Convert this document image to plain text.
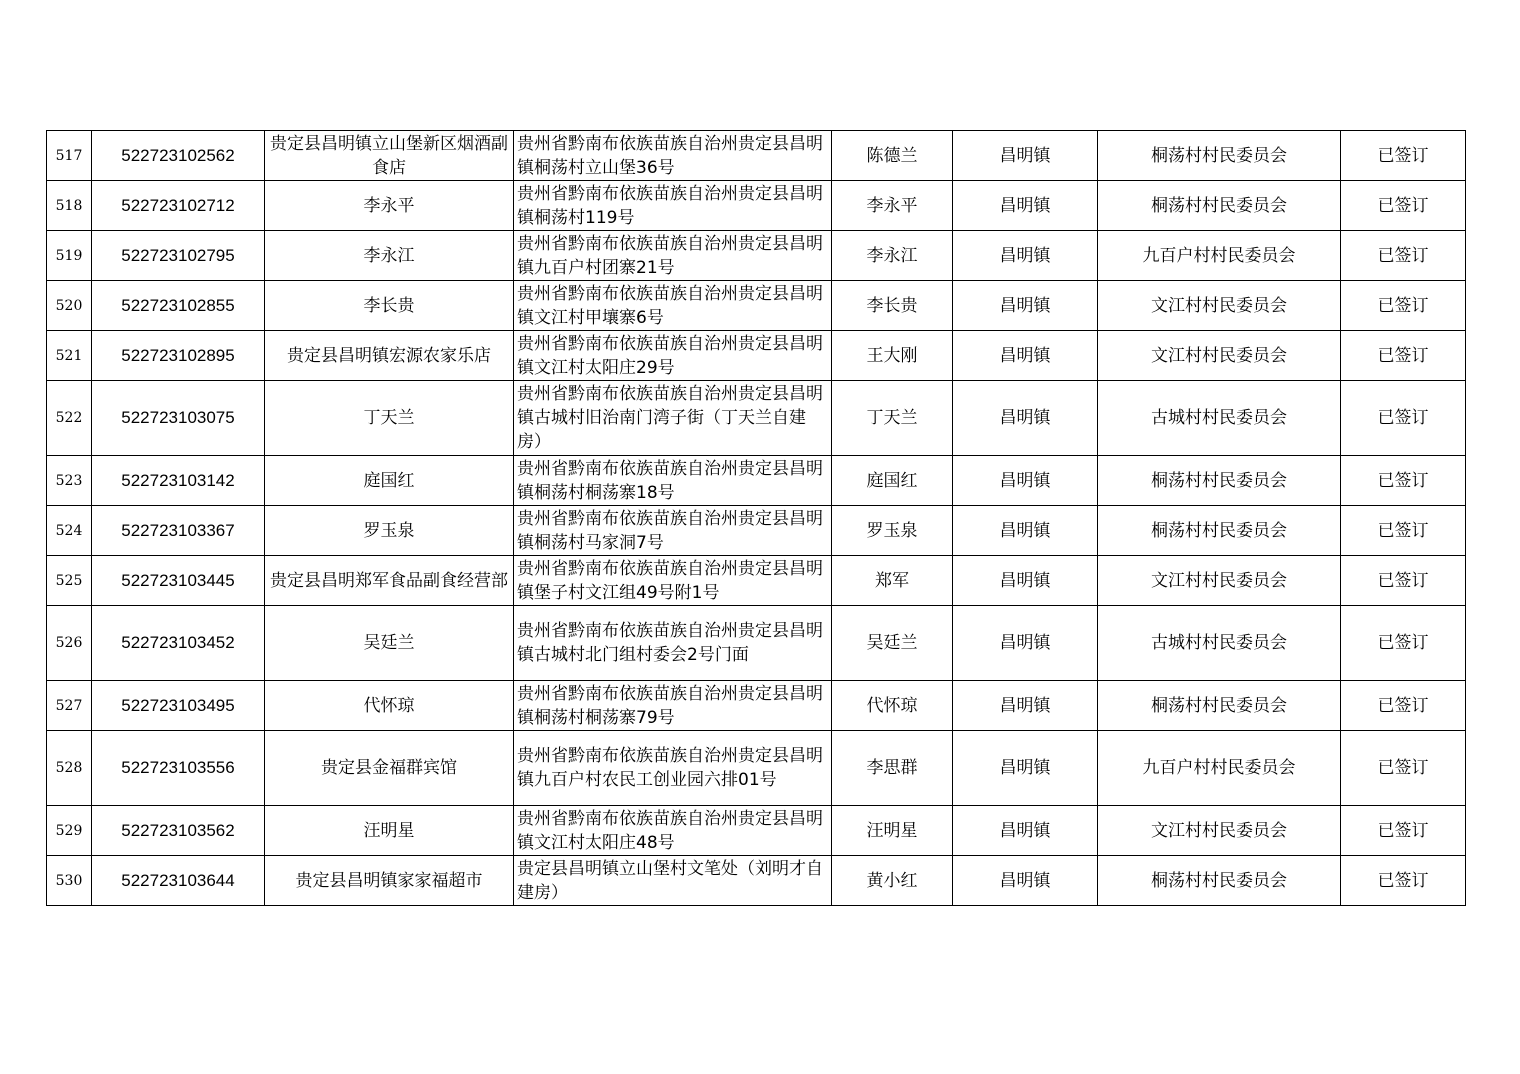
517	522723102562	贵定县昌明镇立山堡新区烟酒副食店	贵州省黔南布依族苗族自治州贵定县昌明镇桐荡村立山堡36号	陈德兰	昌明镇	桐荡村村民委员会	已签订
518	522723102712	李永平	贵州省黔南布依族苗族自治州贵定县昌明镇桐荡村119号	李永平	昌明镇	桐荡村村民委员会	已签订
519	522723102795	李永江	贵州省黔南布依族苗族自治州贵定县昌明镇九百户村团寨21号	李永江	昌明镇	九百户村村民委员会	已签订
520	522723102855	李长贵	贵州省黔南布依族苗族自治州贵定县昌明镇文江村甲壤寨6号	李长贵	昌明镇	文江村村民委员会	已签订
521	522723102895	贵定县昌明镇宏源农家乐店	贵州省黔南布依族苗族自治州贵定县昌明镇文江村太阳庄29号	王大刚	昌明镇	文江村村民委员会	已签订
522	522723103075	丁天兰	贵州省黔南布依族苗族自治州贵定县昌明镇古城村旧治南门湾子街（丁天兰自建房）	丁天兰	昌明镇	古城村村民委员会	已签订
523	522723103142	庭国红	贵州省黔南布依族苗族自治州贵定县昌明镇桐荡村桐荡寨18号	庭国红	昌明镇	桐荡村村民委员会	已签订
524	522723103367	罗玉泉	贵州省黔南布依族苗族自治州贵定县昌明镇桐荡村马家洞7号	罗玉泉	昌明镇	桐荡村村民委员会	已签订
525	522723103445	贵定县昌明郑军食品副食经营部	贵州省黔南布依族苗族自治州贵定县昌明镇堡子村文江组49号附1号	郑军	昌明镇	文江村村民委员会	已签订
526	522723103452	吴廷兰	贵州省黔南布依族苗族自治州贵定县昌明镇古城村北门组村委会2号门面	吴廷兰	昌明镇	古城村村民委员会	已签订
527	522723103495	代怀琼	贵州省黔南布依族苗族自治州贵定县昌明镇桐荡村桐荡寨79号	代怀琼	昌明镇	桐荡村村民委员会	已签订
528	522723103556	贵定县金福群宾馆	贵州省黔南布依族苗族自治州贵定县昌明镇九百户村农民工创业园六排01号	李思群	昌明镇	九百户村村民委员会	已签订
529	522723103562	汪明星	贵州省黔南布依族苗族自治州贵定县昌明镇文江村太阳庄48号	汪明星	昌明镇	文江村村民委员会	已签订
530	522723103644	贵定县昌明镇家家福超市	贵定县昌明镇立山堡村文笔处（刘明才自建房）	黄小红	昌明镇	桐荡村村民委员会	已签订
